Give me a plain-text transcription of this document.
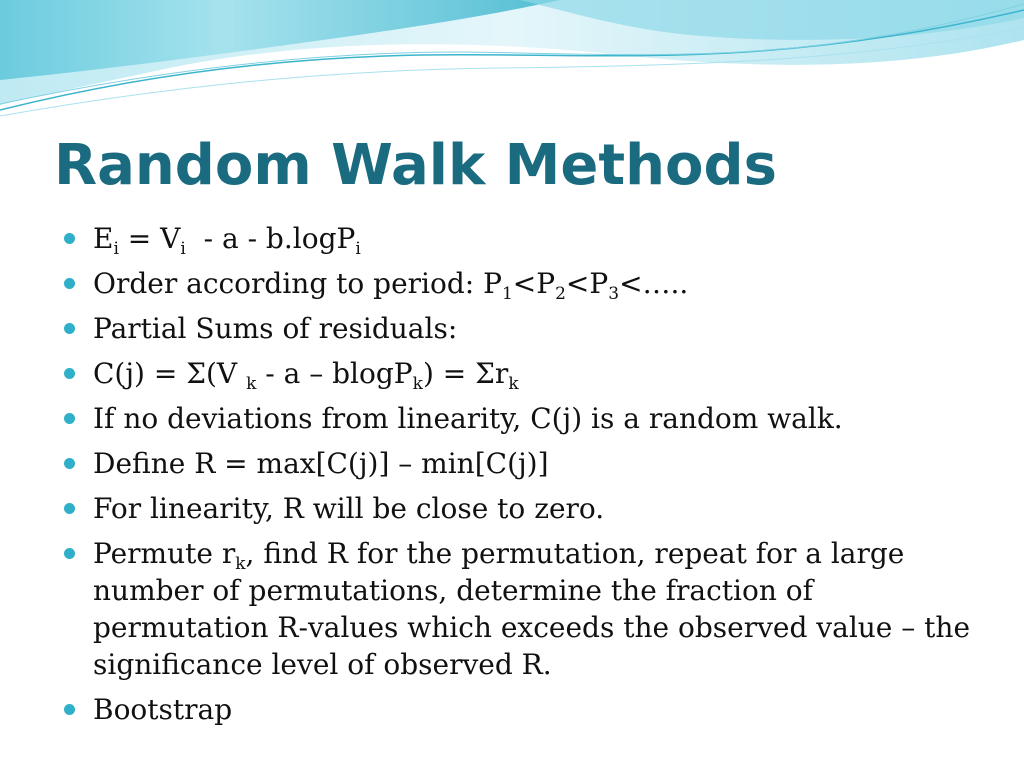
Random Walk Methods
$E_i = V_i - a - b.\log P_i$
Order according to period: $P_1<P_2<P_3<\dots$..
Partial Sums of residuals:
C(j) = Σ(V $_k - a - blogP_k) = \Sigma r_k$
If no deviations from linearity, C(j) is a random walk.
Define R = max[C(j)] – min[C(j)]
For linearity, R will be close to zero.
Permute $r_k$, find R for the permutation, repeat for a large number of permutations, determine the fraction of permutation R-values which exceeds the observed value – the significance level of observed R.
Bootstrap
